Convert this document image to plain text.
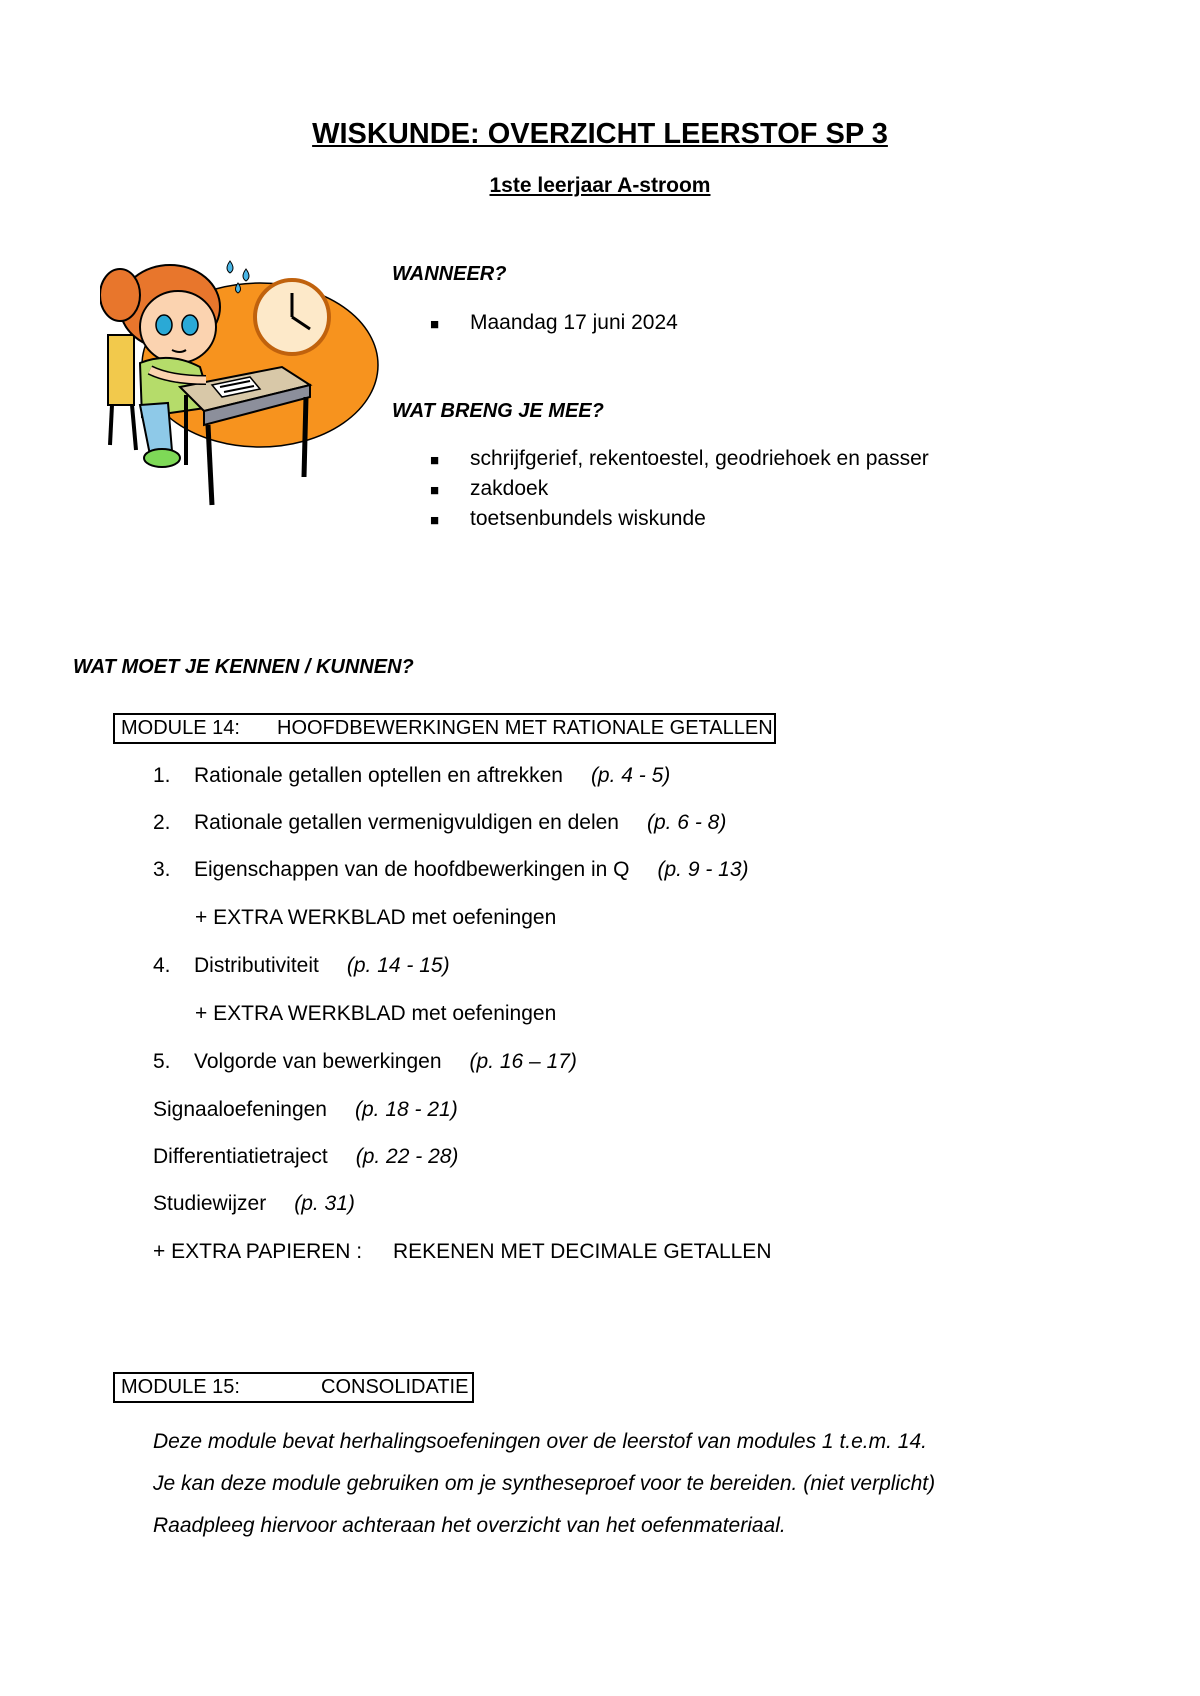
WISKUNDE: OVERZICHT LEERSTOF SP 3
1ste leerjaar A-stroom
WANNEER?
■ Maandag 17 juni 2024
WAT BRENG JE MEE?
■ schrijfgerief, rekentoestel, geodriehoek en passer
■ zakdoek
■ toetsenbundels wiskunde
WAT MOET JE KENNEN / KUNNEN?
MODULE 14: HOOFDBEWERKINGEN MET RATIONALE GETALLEN
1. Rationale getallen optellen en aftrekken (p. 4 - 5)
2. Rationale getallen vermenigvuldigen en delen (p. 6 - 8)
3. Eigenschappen van de hoofdbewerkingen in Q (p. 9 - 13)
+ EXTRA WERKBLAD met oefeningen
4. Distributiviteit (p. 14 - 15)
+ EXTRA WERKBLAD met oefeningen
5. Volgorde van bewerkingen (p. 16 – 17)
Signaaloefeningen (p. 18 - 21)
Differentiatietraject (p. 22 - 28)
Studiewijzer (p. 31)
+ EXTRA PAPIEREN : REKENEN MET DECIMALE GETALLEN
MODULE 15:	CONSOLIDATIE
Deze module bevat herhalingsoefeningen over de leerstof van modules 1 t.e.m. 14.
Je kan deze module gebruiken om je syntheseproef voor te bereiden. (niet verplicht)
Raadpleeg hiervoor achteraan het overzicht van het oefenmateriaal.
